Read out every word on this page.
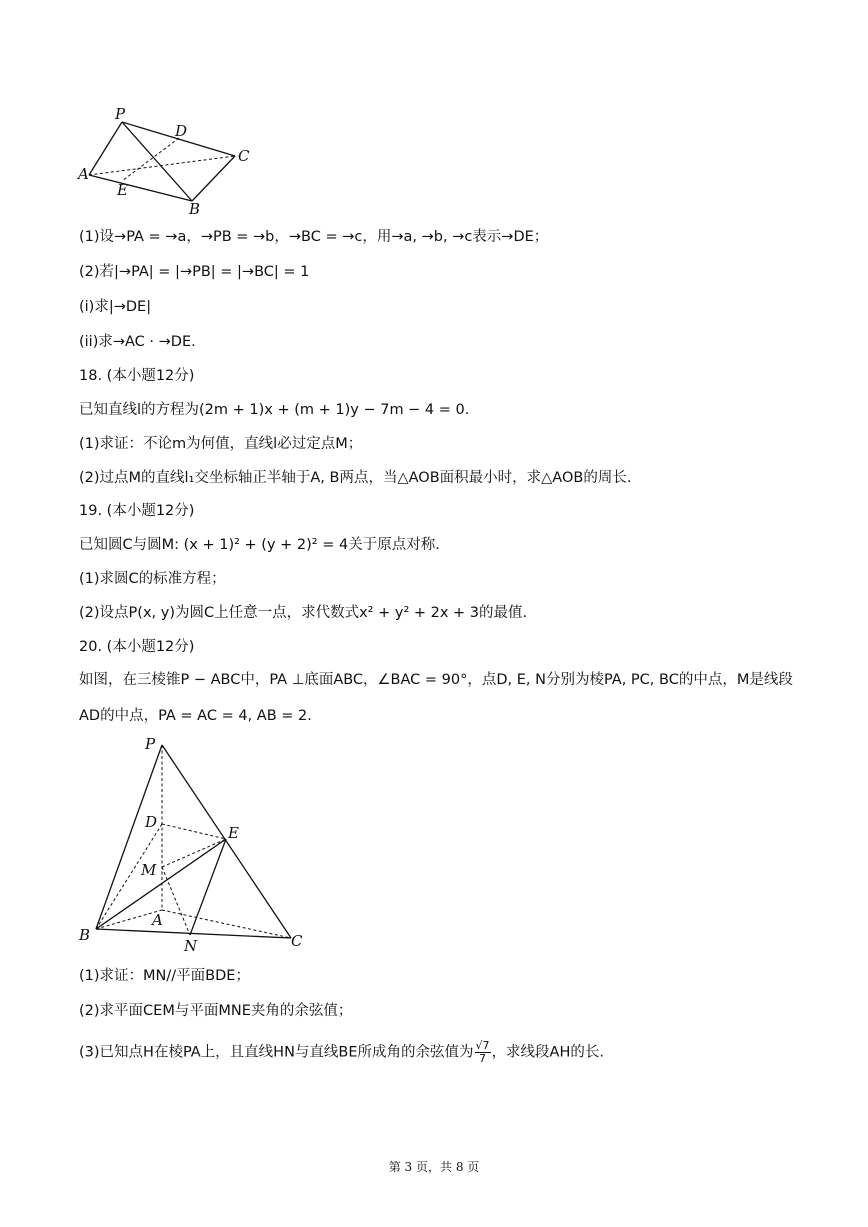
P
D
C
A
E
B
(1)设→PA = →a，→PB = →b，→BC = →c，用→a, →b, →c表示→DE；
(2)若|→PA| = |→PB| = |→BC| = 1
(i)求|→DE|
(ii)求→AC · →DE.
18. (本小题12分)
已知直线l的方程为(2m + 1)x + (m + 1)y − 7m − 4 = 0.
(1)求证：不论m为何值，直线l必过定点M；
(2)过点M的直线l₁交坐标轴正半轴于A, B两点，当△AOB面积最小时，求△AOB的周长.
19. (本小题12分)
已知圆C与圆M: (x + 1)² + (y + 2)² = 4关于原点对称.
(1)求圆C的标准方程；
(2)设点P(x, y)为圆C上任意一点，求代数式x² + y² + 2x + 3的最值.
20. (本小题12分)
如图，在三棱锥P − ABC中，PA ⊥底面ABC，∠BAC = 90°，点D, E, N分别为棱PA, PC, BC的中点，M是线段AD的中点，PA = AC = 4, AB = 2.
P
D
E
M
A
B
N	C
(1)求证：MN//平面BDE；
(2)求平面CEM与平面MNE夹角的余弦值；
(3)已知点H在棱PA上，且直线HN与直线BE所成角的余弦值为 $\frac{√7}{7}$ ，求线段AH的长.
第 3 页，共 8 页
